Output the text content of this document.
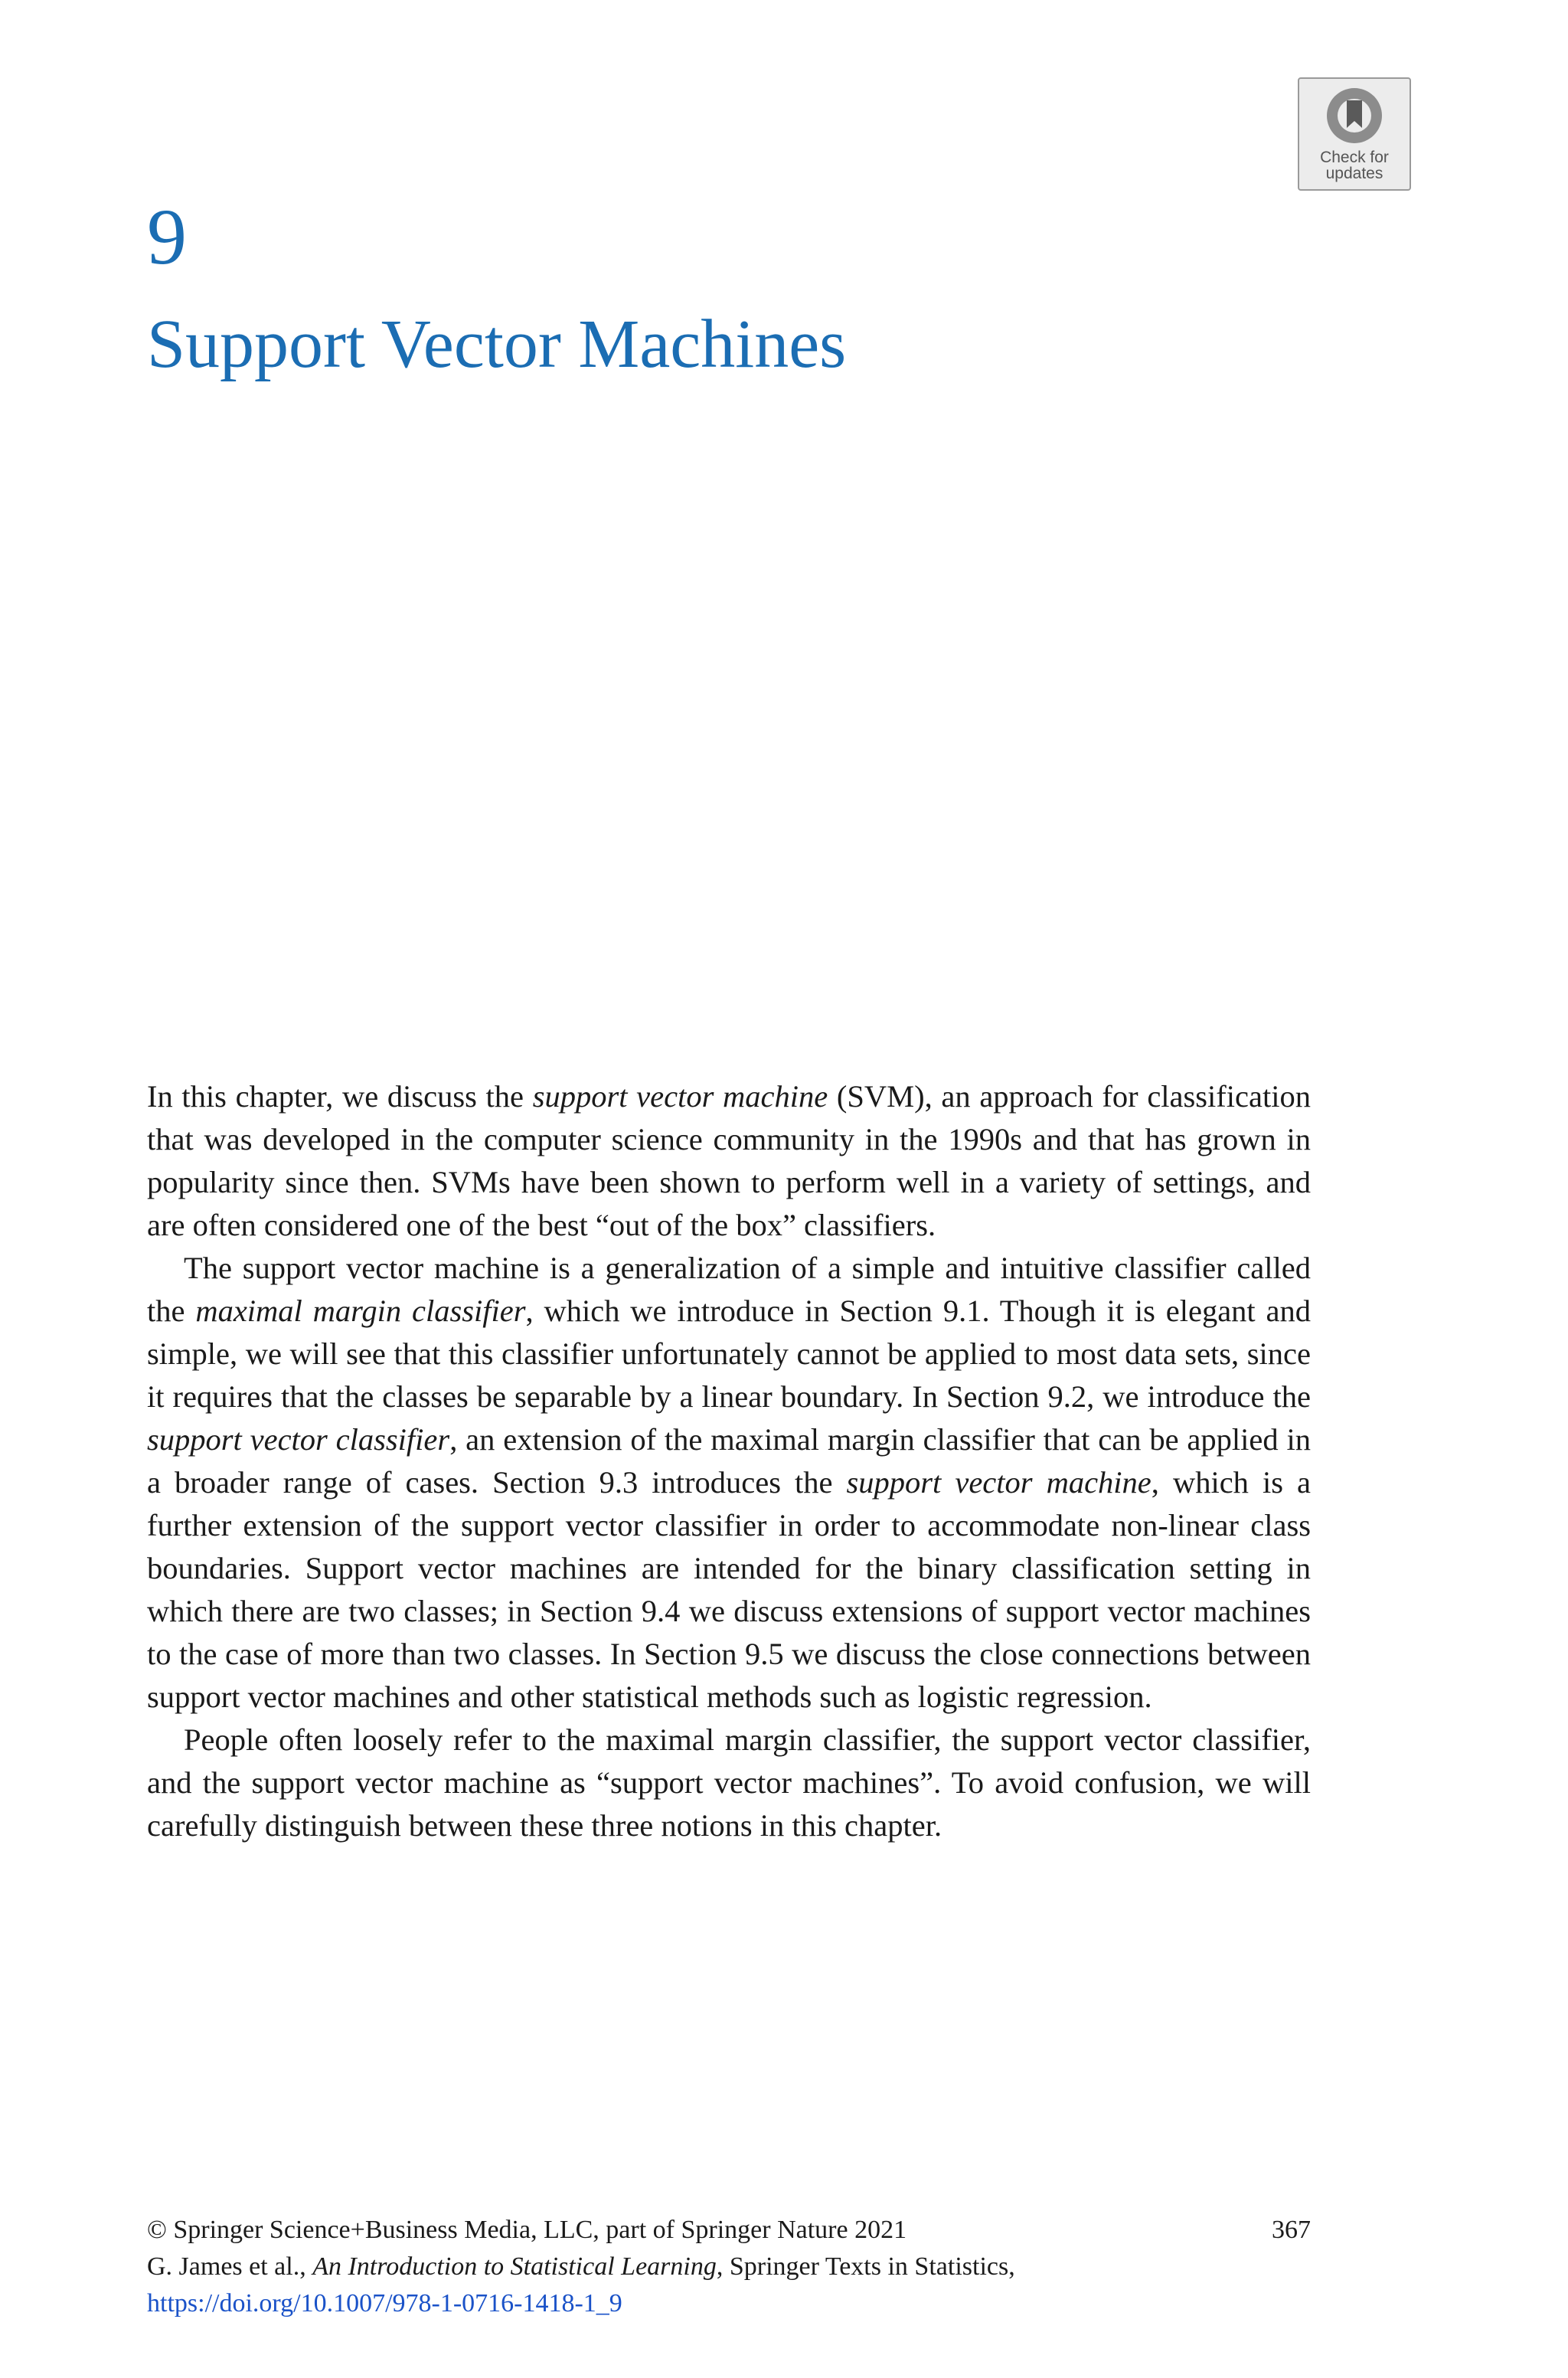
Check for
updates
9
Support Vector Machines

In this chapter, we discuss the support vector machine (SVM), an approach for classification that was developed in the computer science community in the 1990s and that has grown in popularity since then. SVMs have been shown to perform well in a variety of settings, and are often considered one of the best “out of the box” classifiers.

The support vector machine is a generalization of a simple and intuitive classifier called the maximal margin classifier, which we introduce in Section 9.1. Though it is elegant and simple, we will see that this classifier unfortunately cannot be applied to most data sets, since it requires that the classes be separable by a linear boundary. In Section 9.2, we introduce the support vector classifier, an extension of the maximal margin classifier that can be applied in a broader range of cases. Section 9.3 introduces the support vector machine, which is a further extension of the support vector classifier in order to accommodate non-linear class boundaries. Support vector machines are intended for the binary classification setting in which there are two classes; in Section 9.4 we discuss extensions of support vector machines to the case of more than two classes. In Section 9.5 we discuss the close connections between support vector machines and other statistical methods such as logistic regression.

People often loosely refer to the maximal margin classifier, the support vector classifier, and the support vector machine as “support vector machines”. To avoid confusion, we will carefully distinguish between these three notions in this chapter.

© Springer Science+Business Media, LLC, part of Springer Nature 2021	367
G. James et al., An Introduction to Statistical Learning, Springer Texts in Statistics,
https://doi.org/10.1007/978-1-0716-1418-1_9
